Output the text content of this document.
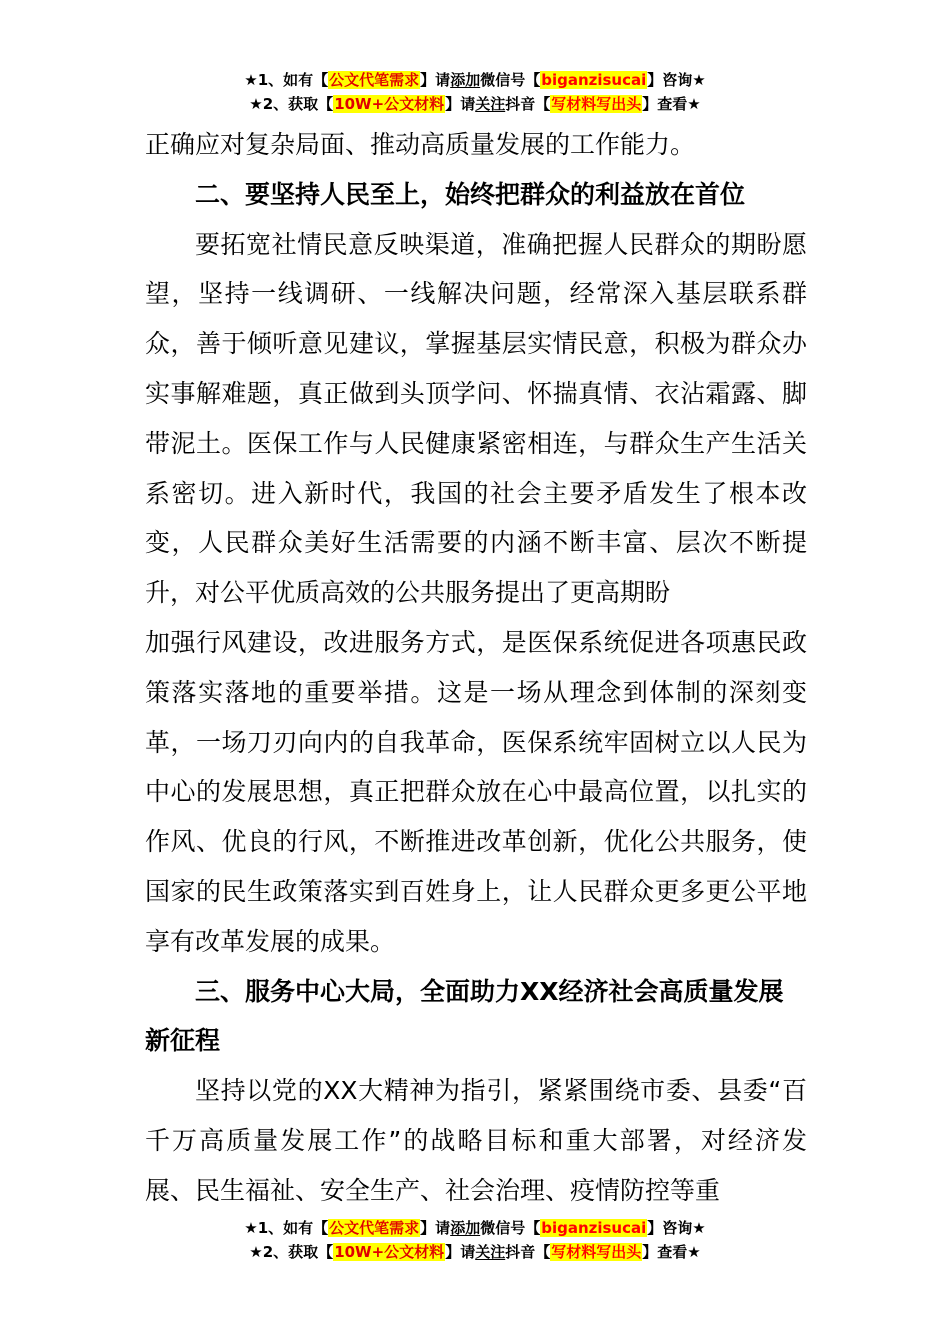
★1、如有【公文代笔需求】请添加微信号【biganzisucai】咨询★
★2、获取【10W+公文材料】请关注抖音【写材料写出头】查看★

正确应对复杂局面、推动高质量发展的工作能力。

二、要坚持人民至上，始终把群众的利益放在首位

要拓宽社情民意反映渠道，准确把握人民群众的期盼愿望，坚持一线调研、一线解决问题，经常深入基层联系群众，善于倾听意见建议，掌握基层实情民意，积极为群众办实事解难题，真正做到头顶学问、怀揣真情、衣沾霜露、脚带泥土。医保工作与人民健康紧密相连，与群众生产生活关系密切。进入新时代，我国的社会主要矛盾发生了根本改变，人民群众美好生活需要的内涵不断丰富、层次不断提升，对公平优质高效的公共服务提出了更高期盼

加强行风建设，改进服务方式，是医保系统促进各项惠民政策落实落地的重要举措。这是一场从理念到体制的深刻变革，一场刀刃向内的自我革命，医保系统牢固树立以人民为中心的发展思想，真正把群众放在心中最高位置，以扎实的作风、优良的行风，不断推进改革创新，优化公共服务，使国家的民生政策落实到百姓身上，让人民群众更多更公平地享有改革发展的成果。

三、服务中心大局，全面助力XX经济社会高质量发展新征程

坚持以党的XX大精神为指引，紧紧围绕市委、县委“百千万高质量发展工作”的战略目标和重大部署，对经济发展、民生福祉、安全生产、社会治理、疫情防控等重

★1、如有【公文代笔需求】请添加微信号【biganzisucai】咨询★
★2、获取【10W+公文材料】请关注抖音【写材料写出头】查看★
